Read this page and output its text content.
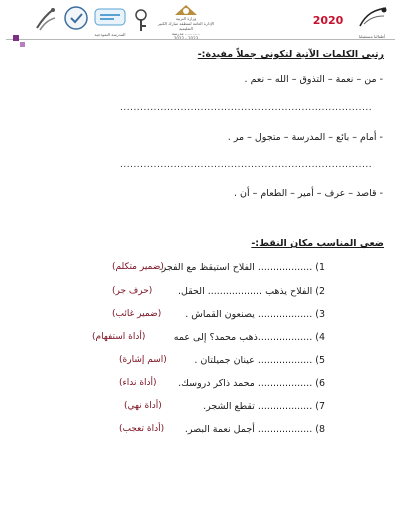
المدرسة النموذجية
وزارة التربية
الإدارة العامة لمنطقة مبارك الكبير التعليمية
مدرسة ............
2022 - 2023
2020
أطفالنا مستقبلنا
رتبي الكلمات الآتية لتكوني جملاً مفيدة:-
- من – نعمة – التذوق – الله – نعم .
...........................................................................
- أمام – بائع – المدرسة – متجول – مر .
...........................................................................
- قاصد – عرف – أمير – الطعام – أن .
ضعي المناسب مكان النقط:-
1) .................. الفلاح استيقظ مع الفجر.
(ضمير متكلم)
2) الفلاح يذهب .................. الحقل.
(حرف جر)
3) .................. يصنعون القماش .
(ضمير غائب)
4) ..................ذهب محمد؟ إلى عمه
(أداة استفهام)
5) .................. عينان جميلتان .
(اسم إشارة)
6) .................. محمد ذاكر دروسك.
(أداة نداء)
7) .................. تقطع الشجر.
(أداة نهي)
8) .................. أجمل نعمة البصر.
(أداة تعجب)
